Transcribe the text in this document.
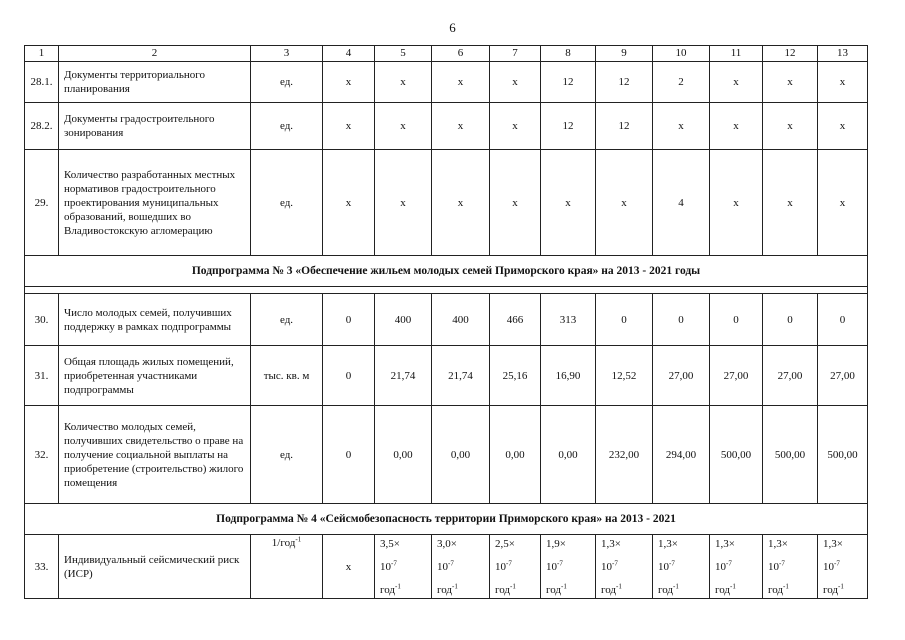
6
1	2	3	4	5	6	7	8	9	10	11	12	13
28.1.	Документы территориального планирования	ед.	x	x	x	x	12	12	2	x	x	x
28.2.	Документы градостроительного зонирования	ед.	x	x	x	x	12	12	x	x	x	x
29.	Количество разработанных местных нормативов градостроительного проектирования муниципальных образований, вошедших во Владивостокскую агломерацию	ед.	x	x	x	x	x	x	4	x	x	x
Подпрограмма № 3 «Обеспечение жильем молодых семей Приморского края» на 2013 - 2021 годы												

30.	Число молодых семей, получивших поддержку в рамках подпрограммы	ед.	0	400	400	466	313	0	0	0	0	0
31.	Общая площадь жилых помещений, приобретенная участниками подпрограммы	тыс. кв. м	0	21,74	21,74	25,16	16,90	12,52	27,00	27,00	27,00	27,00
32.	Количество молодых семей, получивших свидетельство о праве на получение социальной выплаты на приобретение (строительство) жилого помещения	ед.	0	0,00	0,00	0,00	0,00	232,00	294,00	500,00	500,00	500,00
Подпрограмма № 4 «Сейсмобезопасность территории Приморского края» на 2013 - 2021												
33.	Индивидуальный сейсмический риск (ИСР)	1/год$^{-1}$	x	3,5×
$10^{-7}$
год$^{-1}$	3,0×
$10^{-7}$
год$^{-1}$	2,5×
$10^{-7}$
год$^{-1}$	1,9×
$10^{-7}$
год$^{-1}$	1,3×
$10^{-7}$
год$^{-1}$	1,3×
$10^{-7}$
год$^{-1}$	1,3×
$10^{-7}$
год$^{-1}$	1,3×
$10^{-7}$
год$^{-1}$	1,3×
$10^{-7}$
год$^{-1}$
